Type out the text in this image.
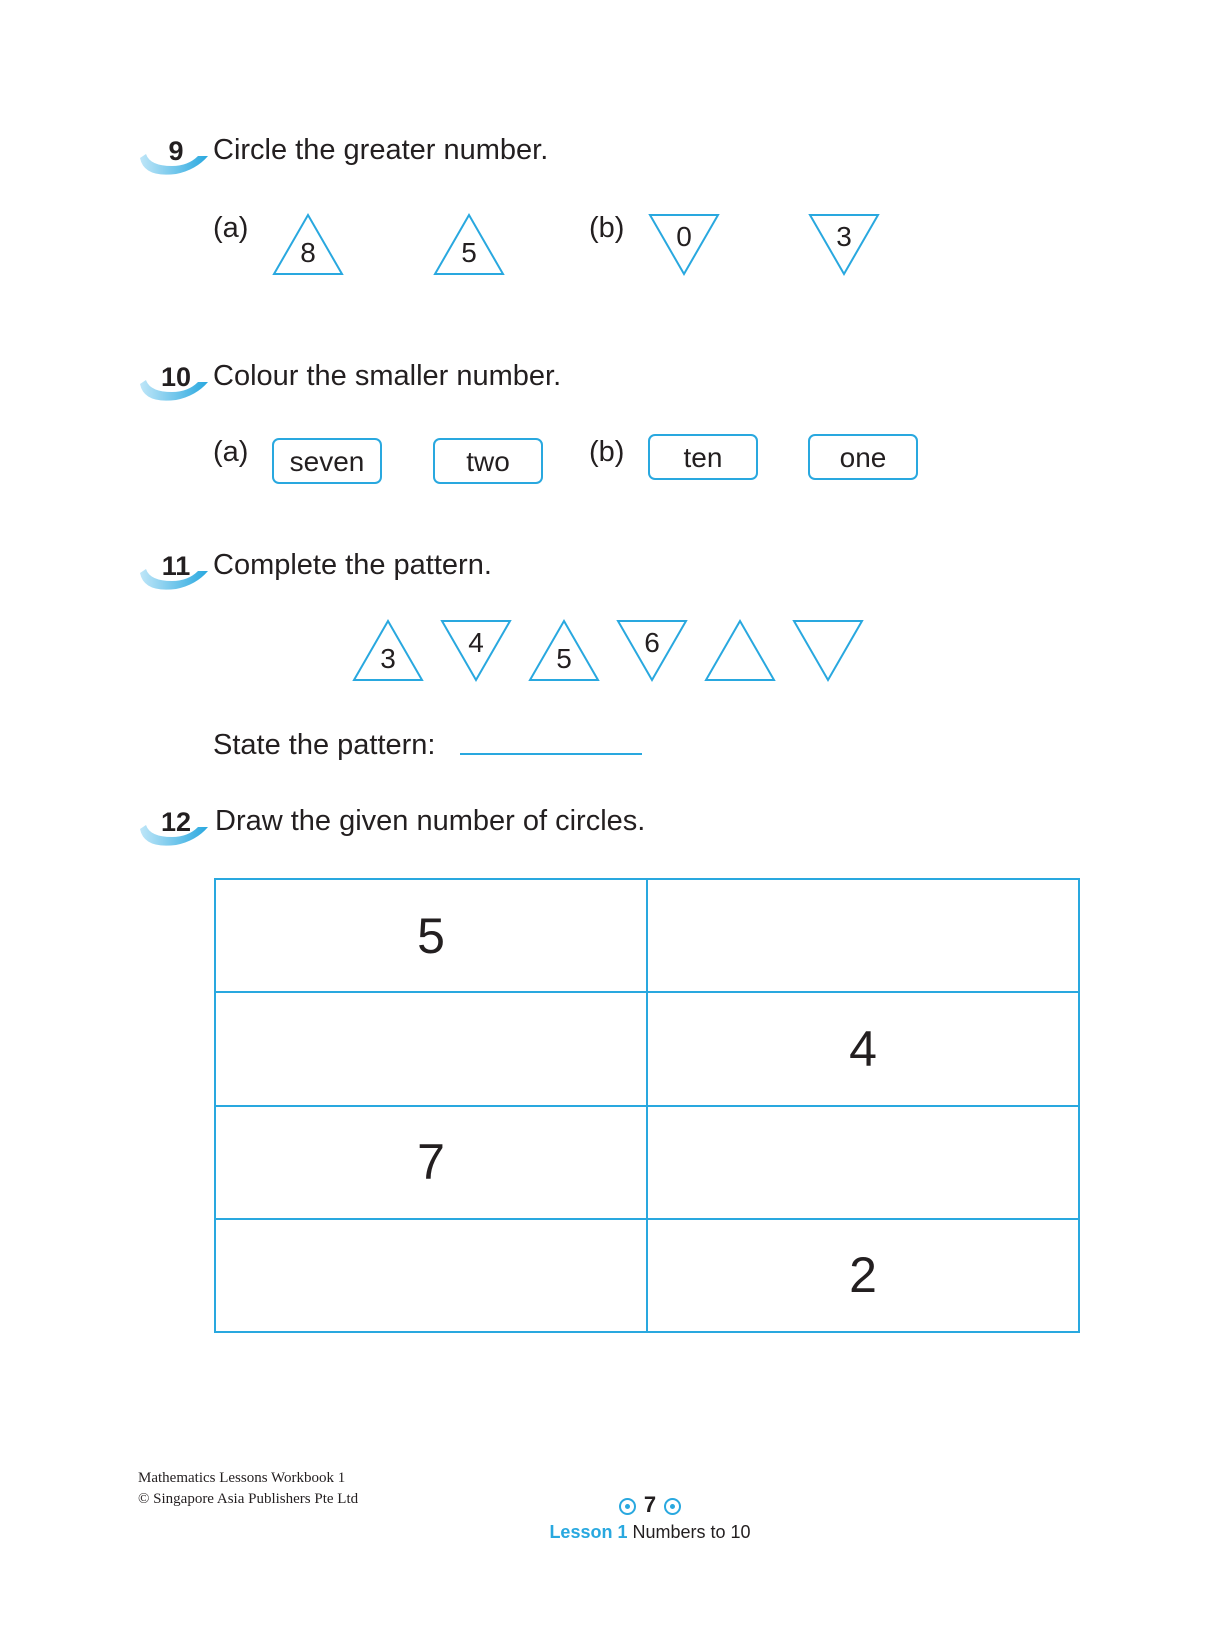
9	Circle the greater number.
(a)
8	5
(b)	0	3
10 Colour the smaller number.
(a)	seven	two	(b)	ten	one
11 Complete the pattern.
3
4
5
6
State the pattern:
12 Draw the given number of circles.
5	
	4
7	
	2
Mathematics Lessons Workbook 1
© Singapore Asia Publishers Pte Ltd	7
Lesson 1 Numbers to 10
